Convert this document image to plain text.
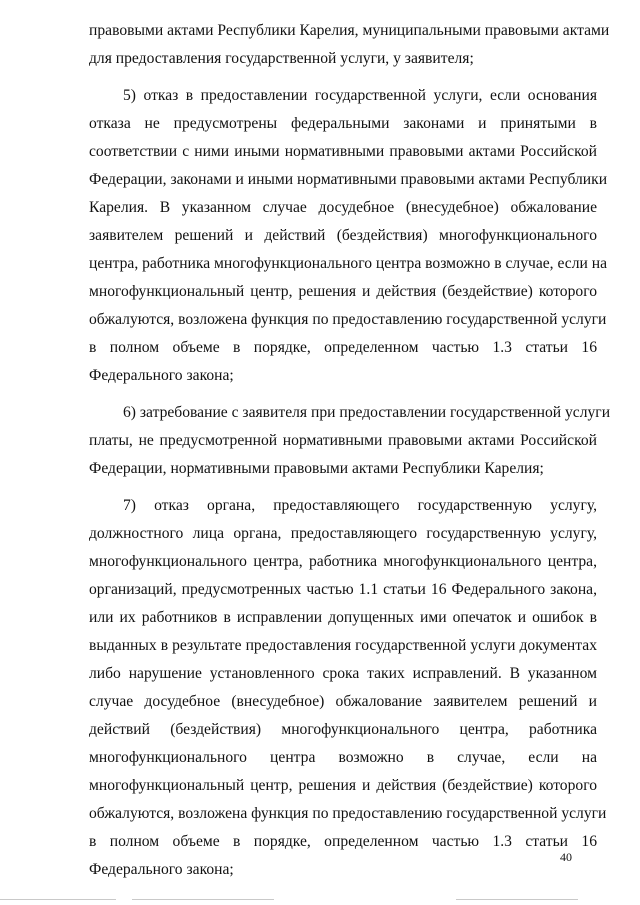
правовыми актами Республики Карелия, муниципальными правовыми актами
для предоставления государственной услуги, у заявителя;
5) отказ в предоставлении государственной услуги, если основания
отказа не предусмотрены федеральными законами и принятыми в
соответствии с ними иными нормативными правовыми актами Российской
Федерации, законами и иными нормативными правовыми актами Республики
Карелия. В указанном случае досудебное (внесудебное) обжалование
заявителем решений и действий (бездействия) многофункционального
центра, работника многофункционального центра возможно в случае, если на
многофункциональный центр, решения и действия (бездействие) которого
обжалуются, возложена функция по предоставлению государственной услуги
в полном объеме в порядке, определенном частью 1.3 статьи 16
Федерального закона;
6) затребование с заявителя при предоставлении государственной услуги
платы, не предусмотренной нормативными правовыми актами Российской
Федерации, нормативными правовыми актами Республики Карелия;
7) отказ органа, предоставляющего государственную услугу,
должностного лица органа, предоставляющего государственную услугу,
многофункционального центра, работника многофункционального центра,
организаций, предусмотренных частью 1.1 статьи 16 Федерального закона,
или их работников в исправлении допущенных ими опечаток и ошибок в
выданных в результате предоставления государственной услуги документах
либо нарушение установленного срока таких исправлений. В указанном
случае досудебное (внесудебное) обжалование заявителем решений и
действий (бездействия) многофункционального центра, работника
многофункционального центра возможно в случае, если на
многофункциональный центр, решения и действия (бездействие) которого
обжалуются, возложена функция по предоставлению государственной услуги
в полном объеме в порядке, определенном частью 1.3 статьи 16
Федерального закона;
40
